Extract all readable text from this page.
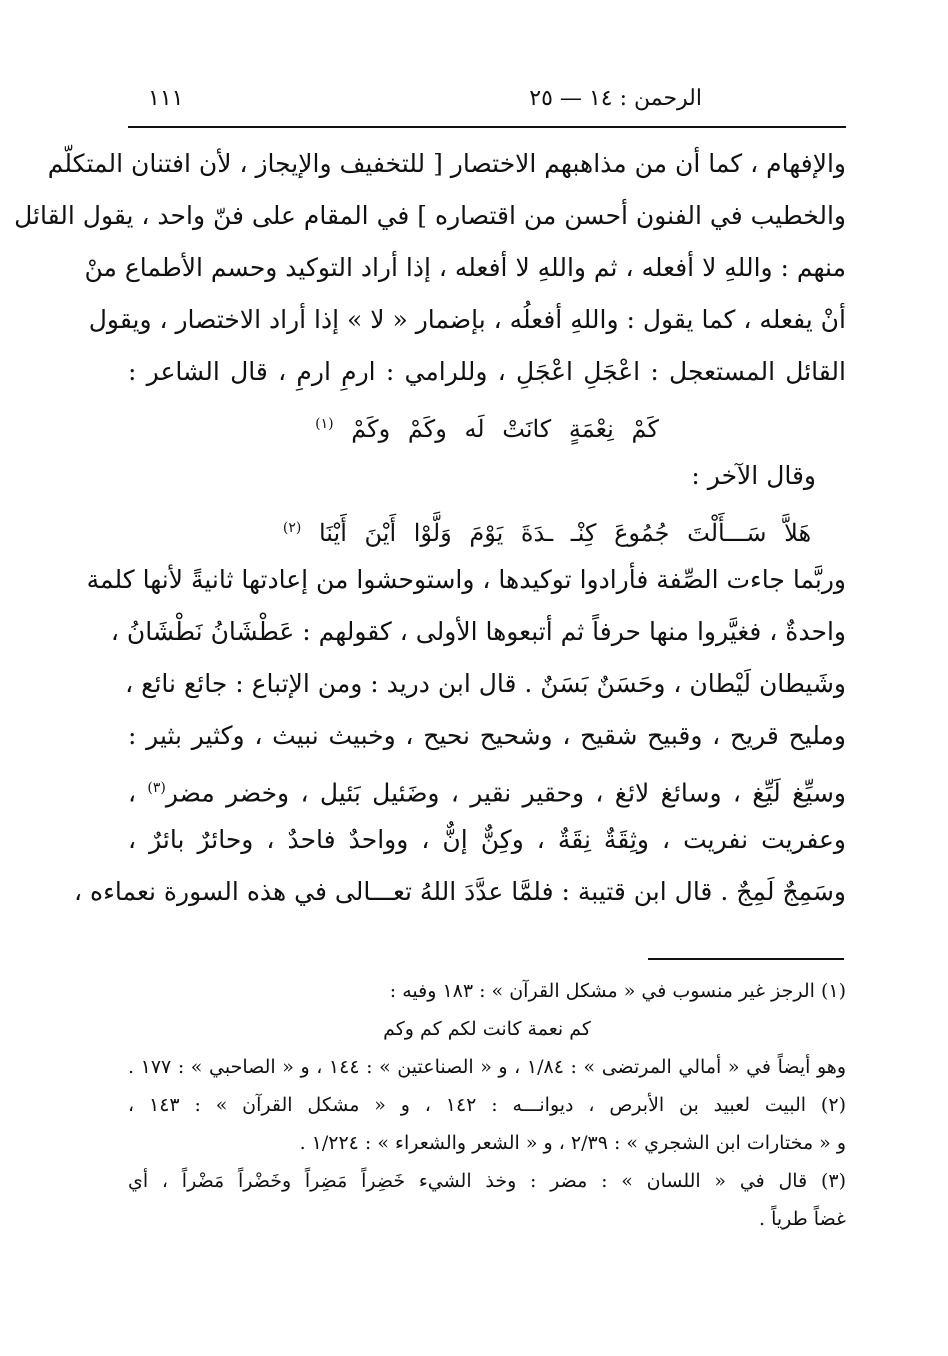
الرحمن : ١٤ — ٢٥
١١١
والإفهام ، كما أن من مذاهبهم الاختصار [ للتخفيف والإيجاز ، لأن افتنان المتكلّم
والخطيب في الفنون أحسن من اقتصاره ] في المقام على فنّ واحد ، يقول القائل
منهم : واللهِ لا أفعله ، ثم واللهِ لا أفعله ، إذا أراد التوكيد وحسم الأطماع منْ
أنْ يفعله ، كما يقول : واللهِ أفعلُه ، بإضمار « لا » إذا أراد الاختصار ، ويقول
القائل المستعجل : اعْجَلِ اعْجَلِ ، وللرامي : ارمِ ارمِ ، قال الشاعر :
كَمْ نِعْمَةٍ كانَتْ لَه وكَمْ وكَمْ $^{(١)}$
وقال الآخر :
هَلاَّ سَـــأَلْتَ جُمُوعَ كِنْـ ـدَةَ يَوْمَ وَلَّوْا أَيْنَ أَيْنَا $^{(٢)}$
وربَّما جاءت الصِّفة فأرادوا توكيدها ، واستوحشوا من إعادتها ثانيةً لأنها كلمة
واحدةٌ ، فغيَّروا منها حرفاً ثم أتبعوها الأولى ، كقولهم : عَطْشَانُ نَطْشَانُ ،
وشَيطان لَيْطان ، وحَسَنٌ بَسَنٌ . قال ابن دريد : ومن الإتباع : جائع نائع ،
ومليح قريح ، وقبيح شقيح ، وشحيح نحيح ، وخبيث نبيث ، وكثير بثير :
وسيِّغ لَيِّغ ، وسائغ لائغ ، وحقير نقير ، وضَئيل بَئيل ، وخضر مضر$^{(٣)}$ ،
وعفريت نفريت ، وثِقَةٌ نِقَةٌ ، وكِنٌّ إنٌّ ، وواحدٌ فاحدٌ ، وحائرٌ بائرٌ ،
وسَمِجٌ لَمِجٌ . قال ابن قتيبة : فلمَّا عدَّدَ اللهُ تعـــالى في هذه السورة نعماءه ،
(١) الرجز غير منسوب في « مشكل القرآن » : ١٨٣ وفيه :
كم نعمة كانت لكم كم وكم
وهو أيضاً في « أمالي المرتضى » : ١/٨٤ ، و « الصناعتين » : ١٤٤ ، و « الصاحبي » : ١٧٧ .
(٢) البيت لعبيد بن الأبرص ، ديوانـــه : ١٤٢ ، و « مشكل القرآن » : ١٤٣ ،
و « مختارات ابن الشجري » : ٢/٣٩ ، و « الشعر والشعراء » : ١/٢٢٤ .
(٣) قال في « اللسان » : مضر : وخذ الشيء خَضِراً مَضِراً وخَضْراً مَضْراً ، أي
غضاً طرياً .
